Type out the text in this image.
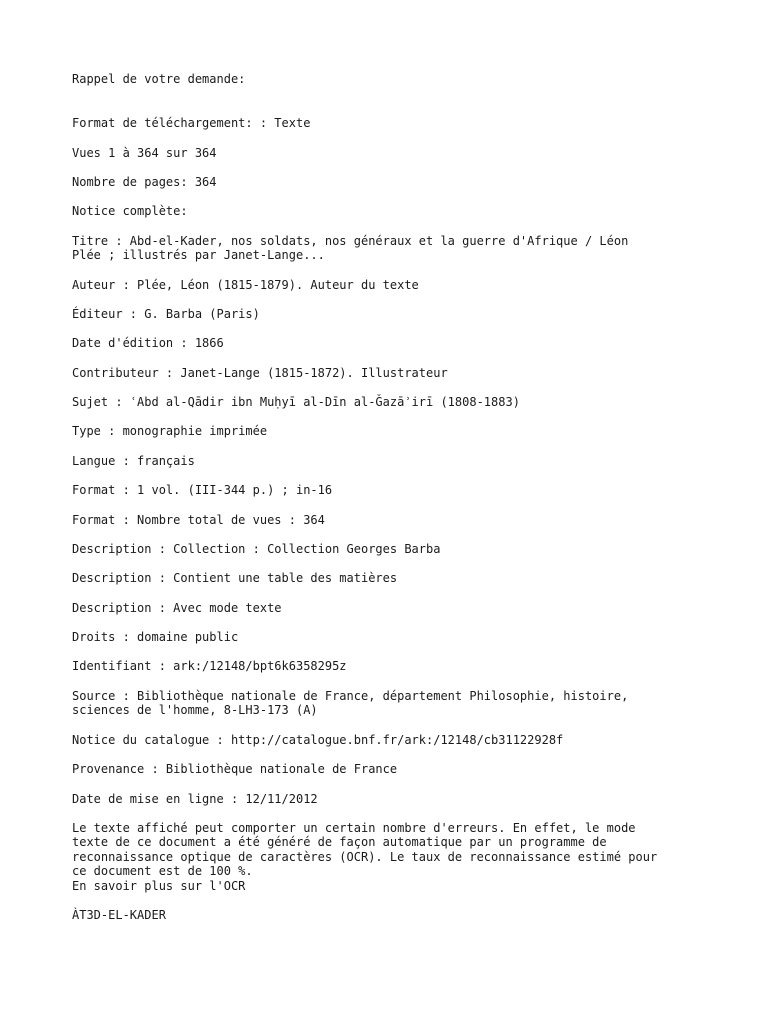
Rappel de votre demande:

Format de téléchargement: : Texte

Vues 1 à 364 sur 364

Nombre de pages: 364

Notice complète:

Titre : Abd-el-Kader, nos soldats, nos généraux et la guerre d'Afrique / Léon

Plée ; illustrés par Janet-Lange...

Auteur : Plée, Léon (1815-1879). Auteur du texte

Éditeur : G. Barba (Paris)

Date d'édition : 1866

Contributeur : Janet-Lange (1815-1872). Illustrateur

Sujet : ʿAbd al-Qādir ibn Muḥyī al-Dīn al-Ǧazāʾirī (1808-1883)

Type : monographie imprimée

Langue : français

Format : 1 vol. (III-344 p.) ; in-16

Format : Nombre total de vues : 364

Description : Collection : Collection Georges Barba

Description : Contient une table des matières

Description : Avec mode texte

Droits : domaine public

Identifiant : ark:/12148/bpt6k6358295z

Source : Bibliothèque nationale de France, département Philosophie, histoire,

sciences de l'homme, 8-LH3-173 (A)

Notice du catalogue : http://catalogue.bnf.fr/ark:/12148/cb31122928f

Provenance : Bibliothèque nationale de France

Date de mise en ligne : 12/11/2012

Le texte affiché peut comporter un certain nombre d'erreurs. En effet, le mode

texte de ce document a été généré de façon automatique par un programme de

reconnaissance optique de caractères (OCR). Le taux de reconnaissance estimé pour

ce document est de 100 %.

En savoir plus sur l'OCR

ÀT3D-EL-KADER
